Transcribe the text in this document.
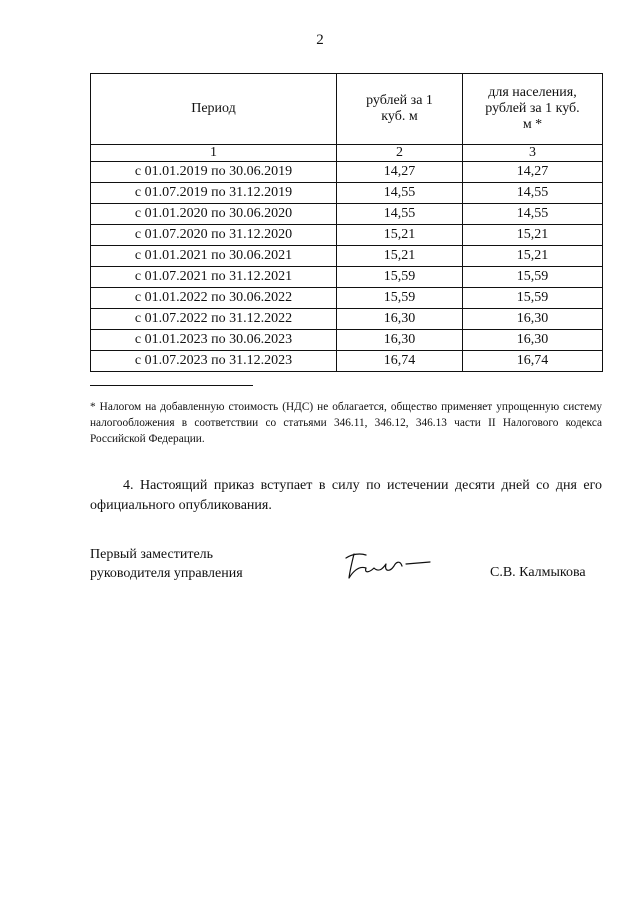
2
Период	рублей за 1 куб. м	для населения, рублей за 1 куб. м *

1	2	3
с 01.01.2019 по 30.06.2019	14,27	14,27
с 01.07.2019 по 31.12.2019	14,55	14,55
с 01.01.2020 по 30.06.2020	14,55	14,55
с 01.07.2020 по 31.12.2020	15,21	15,21
с 01.01.2021 по 30.06.2021	15,21	15,21
с 01.07.2021 по 31.12.2021	15,59	15,59
с 01.01.2022 по 30.06.2022	15,59	15,59
с 01.07.2022 по 31.12.2022	16,30	16,30
с 01.01.2023 по 30.06.2023	16,30	16,30
с 01.07.2023 по 31.12.2023	16,74	16,74
* Налогом на добавленную стоимость (НДС) не облагается, общество применяет упрощенную систему налогообложения в соответствии со статьями 346.11, 346.12, 346.13 части II Налогового кодекса Российской Федерации.
4. Настоящий приказ вступает в силу по истечении десяти дней со дня его официального опубликования.
Первый заместитель
руководителя управления	С.В. Калмыкова
